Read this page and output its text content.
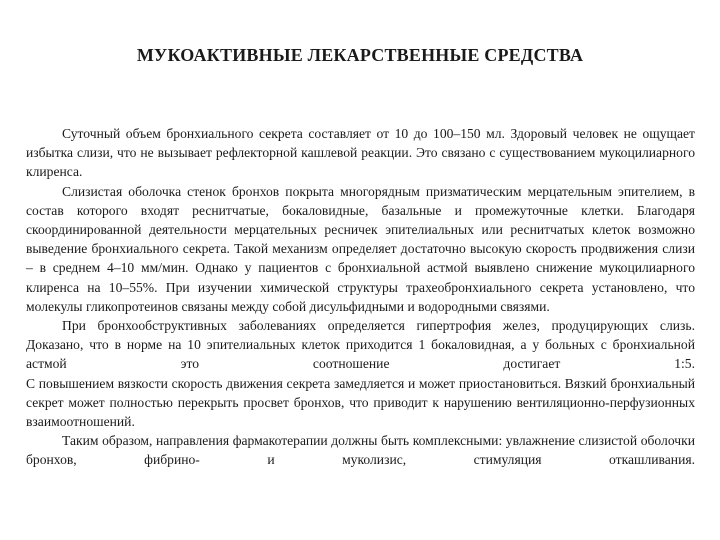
МУКОАКТИВНЫЕ ЛЕКАРСТВЕННЫЕ СРЕДСТВА

Суточный объем бронхиального секрета составляет от 10 до 100–150 мл. Здоровый человек не ощущает избытка слизи, что не вызывает рефлекторной кашлевой реакции. Это связано с существованием мукоцилиарного клиренса.

Слизистая оболочка стенок бронхов покрыта многорядным призматическим мерцательным эпителием, в состав которого входят реснитчатые, бокаловидные, базальные и промежуточные клетки. Благодаря скоординированной деятельности мерцательных ресничек эпителиальных или реснитчатых клеток возможно выведение бронхиального секрета. Такой механизм определяет достаточно высокую скорость продвижения слизи – в среднем 4–10 мм/мин. Однако у пациентов с бронхиальной астмой выявлено снижение мукоцилиарного клиренса на 10–55%. При изучении химической структуры трахеобронхиального секрета установлено, что молекулы гликопротеинов связаны между собой дисульфидными и водородными связями.

При бронхообструктивных заболеваниях определяется гипертрофия желез, продуцирующих слизь. Доказано, что в норме на 10 эпителиальных клеток приходится 1 бокаловидная, а у больных с бронхиальной астмой это соотношение достигает 1:5.

С повышением вязкости скорость движения секрета замедляется и может приостановиться. Вязкий бронхиальный секрет может полностью перекрыть просвет бронхов, что приводит к нарушению вентиляционно-перфузионных взаимоотношений.

Таким образом, направления фармакотерапии должны быть комплексными: увлажнение слизистой оболочки бронхов, фибрино- и муколизис, стимуляция откашливания.
